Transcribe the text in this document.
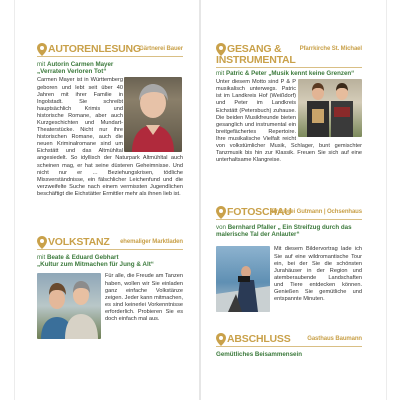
AUTORENLESUNG
Gärtnerei Bauer
mit Autorin Carmen Mayer
„Verraten Verloren Tot“
Carmen Mayer ist in Württemberg geboren und lebt seit über 40 Jahren mit ihrer Familie in Ingolstadt. Sie schreibt hauptsächlich Krimis und historische Romane, aber auch Kurzgeschichten und Mundart-Theaterstücke. Nicht nur ihre historischen Romane, auch die neuen Kriminalromane sind um Eichstätt und das Altmühltal angesiedelt. So idyllisch der Naturpark Altmühltal auch scheinen mag, er hat seine düsteren Geheimnisse. Und nicht nur er … Beziehungskrisen, tödliche Missverständnisse, ein fälschlicher Leichenfund und die verzweifelte Suche nach einem vermissten Jugendlichen beschäftigt die Eichstätter Ermittler mehr als ihnen lieb ist.
VOLKSTANZ ehemaliger Marktladen
mit Beate & Eduard Gebhart
„Kultur zum Mitmachen für Jung & Alt“
Für alle, die Freude am Tanzen haben, wollen wir Sie einladen ganz einfache Volkstänze zeigen. Jeder kann mitmachen, es sind keinerlei Vorkenntnisse erforderlich. Probieren Sie es doch einfach mal aus.
GESANG &
INSTRUMENTAL
Pfarrkirche St. Michael
mit Patric & Peter „Musik kennt keine Grenzen“
Unter diesem Motto sind P & P musikalisch unterwegs. Patric ist im Landkreis Hof (Weißdorf) und Peter im Landkreis Eichstätt (Petersbuch) zuhause. Die beiden Musikfreunde bieten gesanglich und instrumental ein breitgefächertes Repertoire. Ihre musikalische Vielfalt reicht von volkstümlicher Musik, Schlager, bunt gemischter Tanzmusik bis hin zur Klassik. Freuen Sie sich auf eine unterhaltsame Klangreise.
FOTOSCHAU
Brauerei Gutmann | Ochsenhaus
von Bernhard Pfaller „ Ein Streifzug durch das malerische Tal der Anlauter“
Mit diesem Bildervortrag lade ich Sie auf eine wildromantische Tour ein, bei der Sie die schönsten Jurahäuser in der Region und atemberaubende Landschaften und Tiere entdecken können. Genießen Sie gemütliche und entspannte Minuten.
ABSCHLUSS	Gasthaus Baumann
Gemütliches Beisammensein
